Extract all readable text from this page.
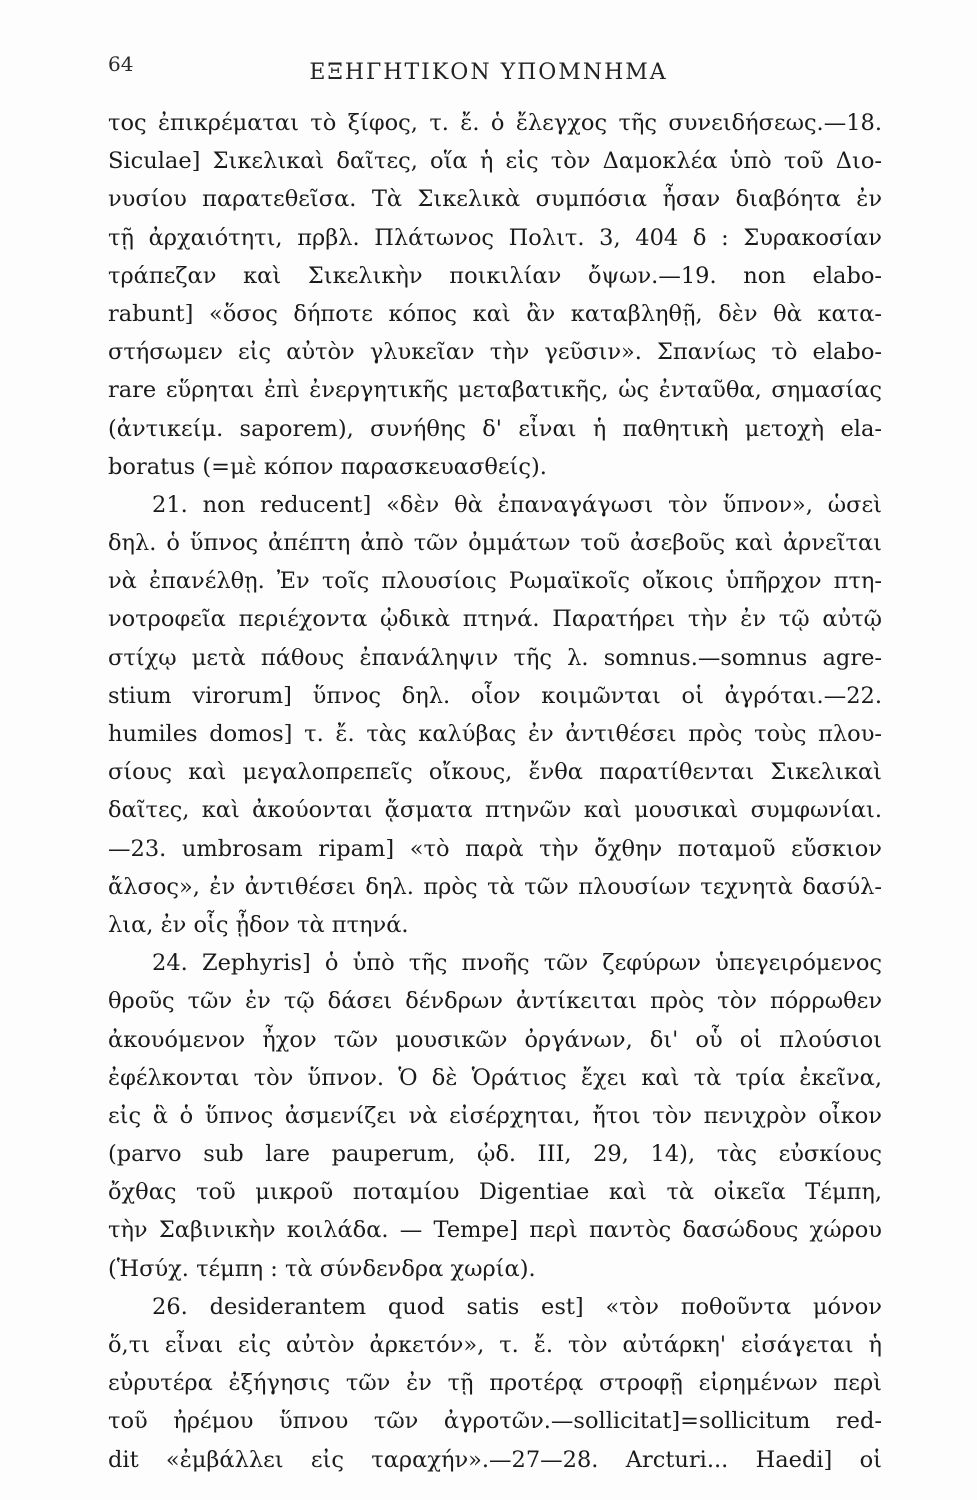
64	ΕΞΗΓΗΤΙΚΟΝ ΥΠΟΜΝΗΜΑ
τος ἐπικρέμαται τὸ ξίφος, τ. ἔ. ὁ ἔλεγχος τῆς συνειδήσεως.—18.
Siculae] Σικελικαὶ δαῖτες, οἵα ἡ εἰς τὸν Δαμοκλέα ὑπὸ τοῦ Διο-
νυσίου παρατεθεῖσα. Τὰ Σικελικὰ συμπόσια ἦσαν διαβόητα ἐν
τῇ ἀρχαιότητι, πρβλ. Πλάτωνος Πολιτ. 3, 404 δ : Συρακοσίαν
τράπεζαν καὶ Σικελικὴν ποικιλίαν ὄψων.—19. non elabo-
rabunt] «ὅσος δήποτε κόπος καὶ ἂν καταβληθῇ, δὲν θὰ κατα-
στήσωμεν εἰς αὐτὸν γλυκεῖαν τὴν γεῦσιν». Σπανίως τὸ elabo-
rare εὕρηται ἐπὶ ἐνεργητικῆς μεταβατικῆς, ὡς ἐνταῦθα, σημασίας
(ἀντικείμ. saporem), συνήθης δ' εἶναι ἡ παθητικὴ μετοχὴ ela-
boratus (=μὲ κόπον παρασκευασθείς).
21. non reducent] «δὲν θὰ ἐπαναγάγωσι τὸν ὕπνον», ὡσεὶ
δηλ. ὁ ὕπνος ἀπέπτη ἀπὸ τῶν ὀμμάτων τοῦ ἀσεβοῦς καὶ ἀρνεῖται
νὰ ἐπανέλθῃ. Ἐν τοῖς πλουσίοις Ρωμαϊκοῖς οἴκοις ὑπῆρχον πτη-
νοτροφεῖα περιέχοντα ᾠδικὰ πτηνά. Παρατήρει τὴν ἐν τῷ αὐτῷ
στίχῳ μετὰ πάθους ἐπανάληψιν τῆς λ. somnus.—somnus agre-
stium virorum] ὕπνος δηλ. οἷον κοιμῶνται οἱ ἀγρόται.—22.
humiles domos] τ. ἔ. τὰς καλύβας ἐν ἀντιθέσει πρὸς τοὺς πλου-
σίους καὶ μεγαλοπρεπεῖς οἴκους, ἔνθα παρατίθενται Σικελικαὶ
δαῖτες, καὶ ἀκούονται ᾄσματα πτηνῶν καὶ μουσικαὶ συμφωνίαι.
—23. umbrosam ripam] «τὸ παρὰ τὴν ὄχθην ποταμοῦ εὔσκιον
ἄλσος», ἐν ἀντιθέσει δηλ. πρὸς τὰ τῶν πλουσίων τεχνητὰ δασύλ-
λια, ἐν οἷς ᾖδον τὰ πτηνά.
24. Zephyris] ὁ ὑπὸ τῆς πνοῆς τῶν ζεφύρων ὑπεγειρόμενος
θροῦς τῶν ἐν τῷ δάσει δένδρων ἀντίκειται πρὸς τὸν πόρρωθεν
ἀκουόμενον ἦχον τῶν μουσικῶν ὀργάνων, δι' οὗ οἱ πλούσιοι
ἐφέλκονται τὸν ὕπνον. Ὁ δὲ Ὁράτιος ἔχει καὶ τὰ τρία ἐκεῖνα,
εἰς ἃ ὁ ὕπνος ἀσμενίζει νὰ εἰσέρχηται, ἤτοι τὸν πενιχρὸν οἶκον
(parvo sub lare pauperum, ᾠδ. III, 29, 14), τὰς εὐσκίους
ὄχθας τοῦ μικροῦ ποταμίου Digentiae καὶ τὰ οἰκεῖα Τέμπη,
τὴν Σαβινικὴν κοιλάδα. — Tempe] περὶ παντὸς δασώδους χώρου
(Ἡσύχ. τέμπη : τὰ σύνδενδρα χωρία).
26. desiderantem quod satis est] «τὸν ποθοῦντα μόνον
ὅ,τι εἶναι εἰς αὐτὸν ἀρκετόν», τ. ἔ. τὸν αὐτάρκη' εἰσάγεται ἡ
εὐρυτέρα ἐξήγησις τῶν ἐν τῇ προτέρᾳ στροφῇ εἰρημένων περὶ
τοῦ ἠρέμου ὕπνου τῶν ἀγροτῶν.—sollicitat]=sollicitum red-
dit «ἐμβάλλει εἰς ταραχήν».—27—28. Arcturi... Haedi] οἱ
